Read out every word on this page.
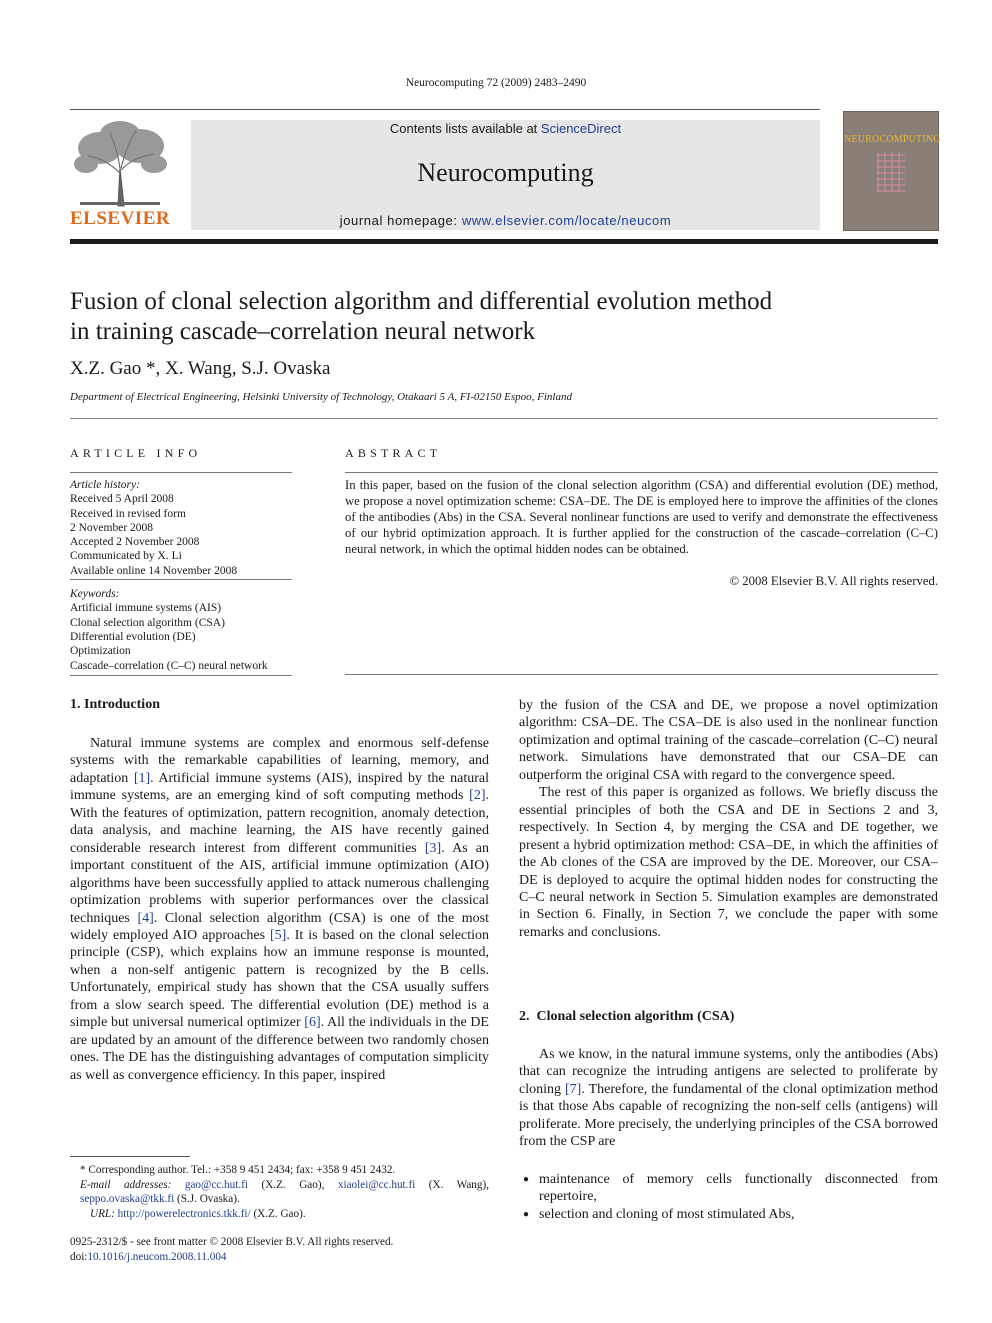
Neurocomputing 72 (2009) 2483–2490
ELSEVIER
Contents lists available at ScienceDirect
Neurocomputing
journal homepage: www.elsevier.com/locate/neucom
NEUROCOMPUTING
Fusion of clonal selection algorithm and differential evolution method
in training cascade–correlation neural network
X.Z. Gao *, X. Wang, S.J. Ovaska
Department of Electrical Engineering, Helsinki University of Technology, Otakaari 5 A, FI-02150 Espoo, Finland
ARTICLE INFO
Article history:
Received 5 April 2008
Received in revised form
2 November 2008
Accepted 2 November 2008
Communicated by X. Li
Available online 14 November 2008
Keywords:
Artificial immune systems (AIS)
Clonal selection algorithm (CSA)
Differential evolution (DE)
Optimization
Cascade–correlation (C–C) neural network
ABSTRACT
In this paper, based on the fusion of the clonal selection algorithm (CSA) and differential evolution (DE) method, we propose a novel optimization scheme: CSA–DE. The DE is employed here to improve the affinities of the clones of the antibodies (Abs) in the CSA. Several nonlinear functions are used to verify and demonstrate the effectiveness of our hybrid optimization approach. It is further applied for the construction of the cascade–correlation (C–C) neural network, in which the optimal hidden nodes can be obtained.
© 2008 Elsevier B.V. All rights reserved.
1. Introduction

Natural immune systems are complex and enormous self-defense systems with the remarkable capabilities of learning, memory, and adaptation [1]. Artificial immune systems (AIS), inspired by the natural immune systems, are an emerging kind of soft computing methods [2]. With the features of optimization, pattern recognition, anomaly detection, data analysis, and machine learning, the AIS have recently gained considerable research interest from different communities [3]. As an important constituent of the AIS, artificial immune optimization (AIO) algorithms have been successfully applied to attack numerous challenging optimization problems with superior performances over the classical techniques [4]. Clonal selection algorithm (CSA) is one of the most widely employed AIO approaches [5]. It is based on the clonal selection principle (CSP), which explains how an immune response is mounted, when a non-self antigenic pattern is recognized by the B cells. Unfortunately, empirical study has shown that the CSA usually suffers from a slow search speed. The differential evolution (DE) method is a simple but universal numerical optimizer [6]. All the individuals in the DE are updated by an amount of the difference between two randomly chosen ones. The DE has the distinguishing advantages of computation simplicity as well as convergence efficiency. In this paper, inspired

by the fusion of the CSA and DE, we propose a novel optimization algorithm: CSA–DE. The CSA–DE is also used in the nonlinear function optimization and optimal training of the cascade–correlation (C–C) neural network. Simulations have demonstrated that our CSA–DE can outperform the original CSA with regard to the convergence speed.

The rest of this paper is organized as follows. We briefly discuss the essential principles of both the CSA and DE in Sections 2 and 3, respectively. In Section 4, by merging the CSA and DE together, we present a hybrid optimization method: CSA–DE, in which the affinities of the Ab clones of the CSA are improved by the DE. Moreover, our CSA–DE is deployed to acquire the optimal hidden nodes for constructing the C–C neural network in Section 5. Simulation examples are demonstrated in Section 6. Finally, in Section 7, we conclude the paper with some remarks and conclusions.

2. Clonal selection algorithm (CSA)

As we know, in the natural immune systems, only the antibodies (Abs) that can recognize the intruding antigens are selected to proliferate by cloning [7]. Therefore, the fundamental of the clonal optimization method is that those Abs capable of recognizing the non-self cells (antigens) will proliferate. More precisely, the underlying principles of the CSA borrowed from the CSP are

● maintenance of memory cells functionally disconnected from repertoire,
● selection and cloning of most stimulated Abs,
* Corresponding author. Tel.: +358 9 451 2434; fax: +358 9 451 2432.
E-mail addresses: gao@cc.hut.fi (X.Z. Gao), xiaolei@cc.hut.fi (X. Wang), seppo.ovaska@tkk.fi (S.J. Ovaska).
URL: http://powerelectronics.tkk.fi/ (X.Z. Gao).
0925-2312/$ - see front matter © 2008 Elsevier B.V. All rights reserved.
doi:10.1016/j.neucom.2008.11.004
